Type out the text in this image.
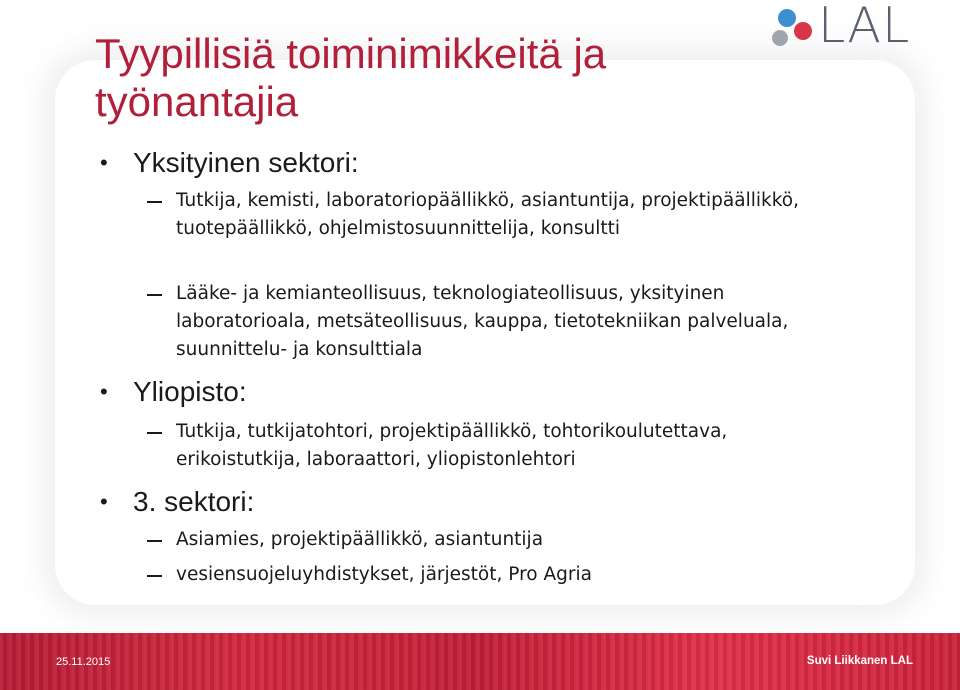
LAL
Tyypillisiä toiminimikkeitä ja
työnantajia
• Yksityinen sektori:
Tutkija, kemisti, laboratoriopäällikkö, asiantuntija, projektipäällikkö, tuotepäällikkö, ohjelmistosuunnittelija, konsultti
Lääke- ja kemianteollisuus, teknologiateollisuus, yksityinen laboratorioala, metsäteollisuus, kauppa, tietotekniikan palveluala, suunnittelu- ja konsulttiala
• Yliopisto:
Tutkija, tutkijatohtori, projektipäällikkö, tohtorikoulutettava, erikoistutkija, laboraattori, yliopistonlehtori
• 3. sektori:
Asiamies, projektipäällikkö, asiantuntija
vesiensuojeluyhdistykset, järjestöt, Pro Agria
25.11.2015	Suvi Liikkanen LAL
